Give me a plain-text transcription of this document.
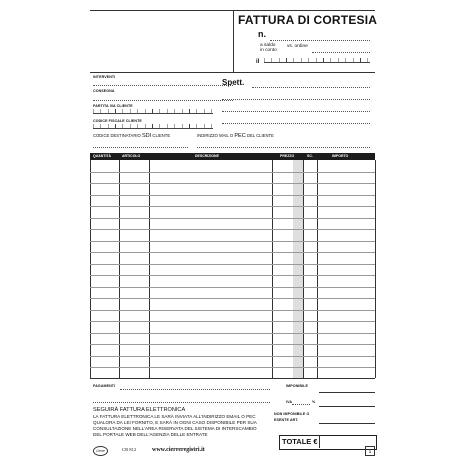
FATTURA DI CORTESIA
n.
a saldo
in conto
vs. ordine
il
INTERVENTI
CONSEGNA
Spett.
PARTITA IVA CLIENTE
CODICE FISCALE CLIENTE
CODICE DESTINATARIO SDI CLIENTE	INDIRIZZO MAIL O PEC DEL CLIENTE
QUANTITÀ	ARTICOLO	DESCRIZIONE	PREZZO	SC.	IMPORTO
PAGAMENTI	IMPONIBILE
IVA	%
NON IMPONIBILE O
ESENTE ART.
SEGUIRÀ FATTURA ELETTRONICA
LA FATTURA ELETTRONICA LE SARÀ INVIATA ALL'INDIRIZZO EMAIL O PEC
QUALORA DA LEI FORNITO, E SARÀ IN OGNI CASO DISPONIBILE PER SUA
CONSULTAZIONE NELL'AREA RISERVATA DEL SISTEMA DI INTERSCAMBIO
DEL PORTALE WEB DELL'AGENZIA DELLE ENTRATE
TOTALE €
Cierre	CR 812	www.cierreregistri.it	1
